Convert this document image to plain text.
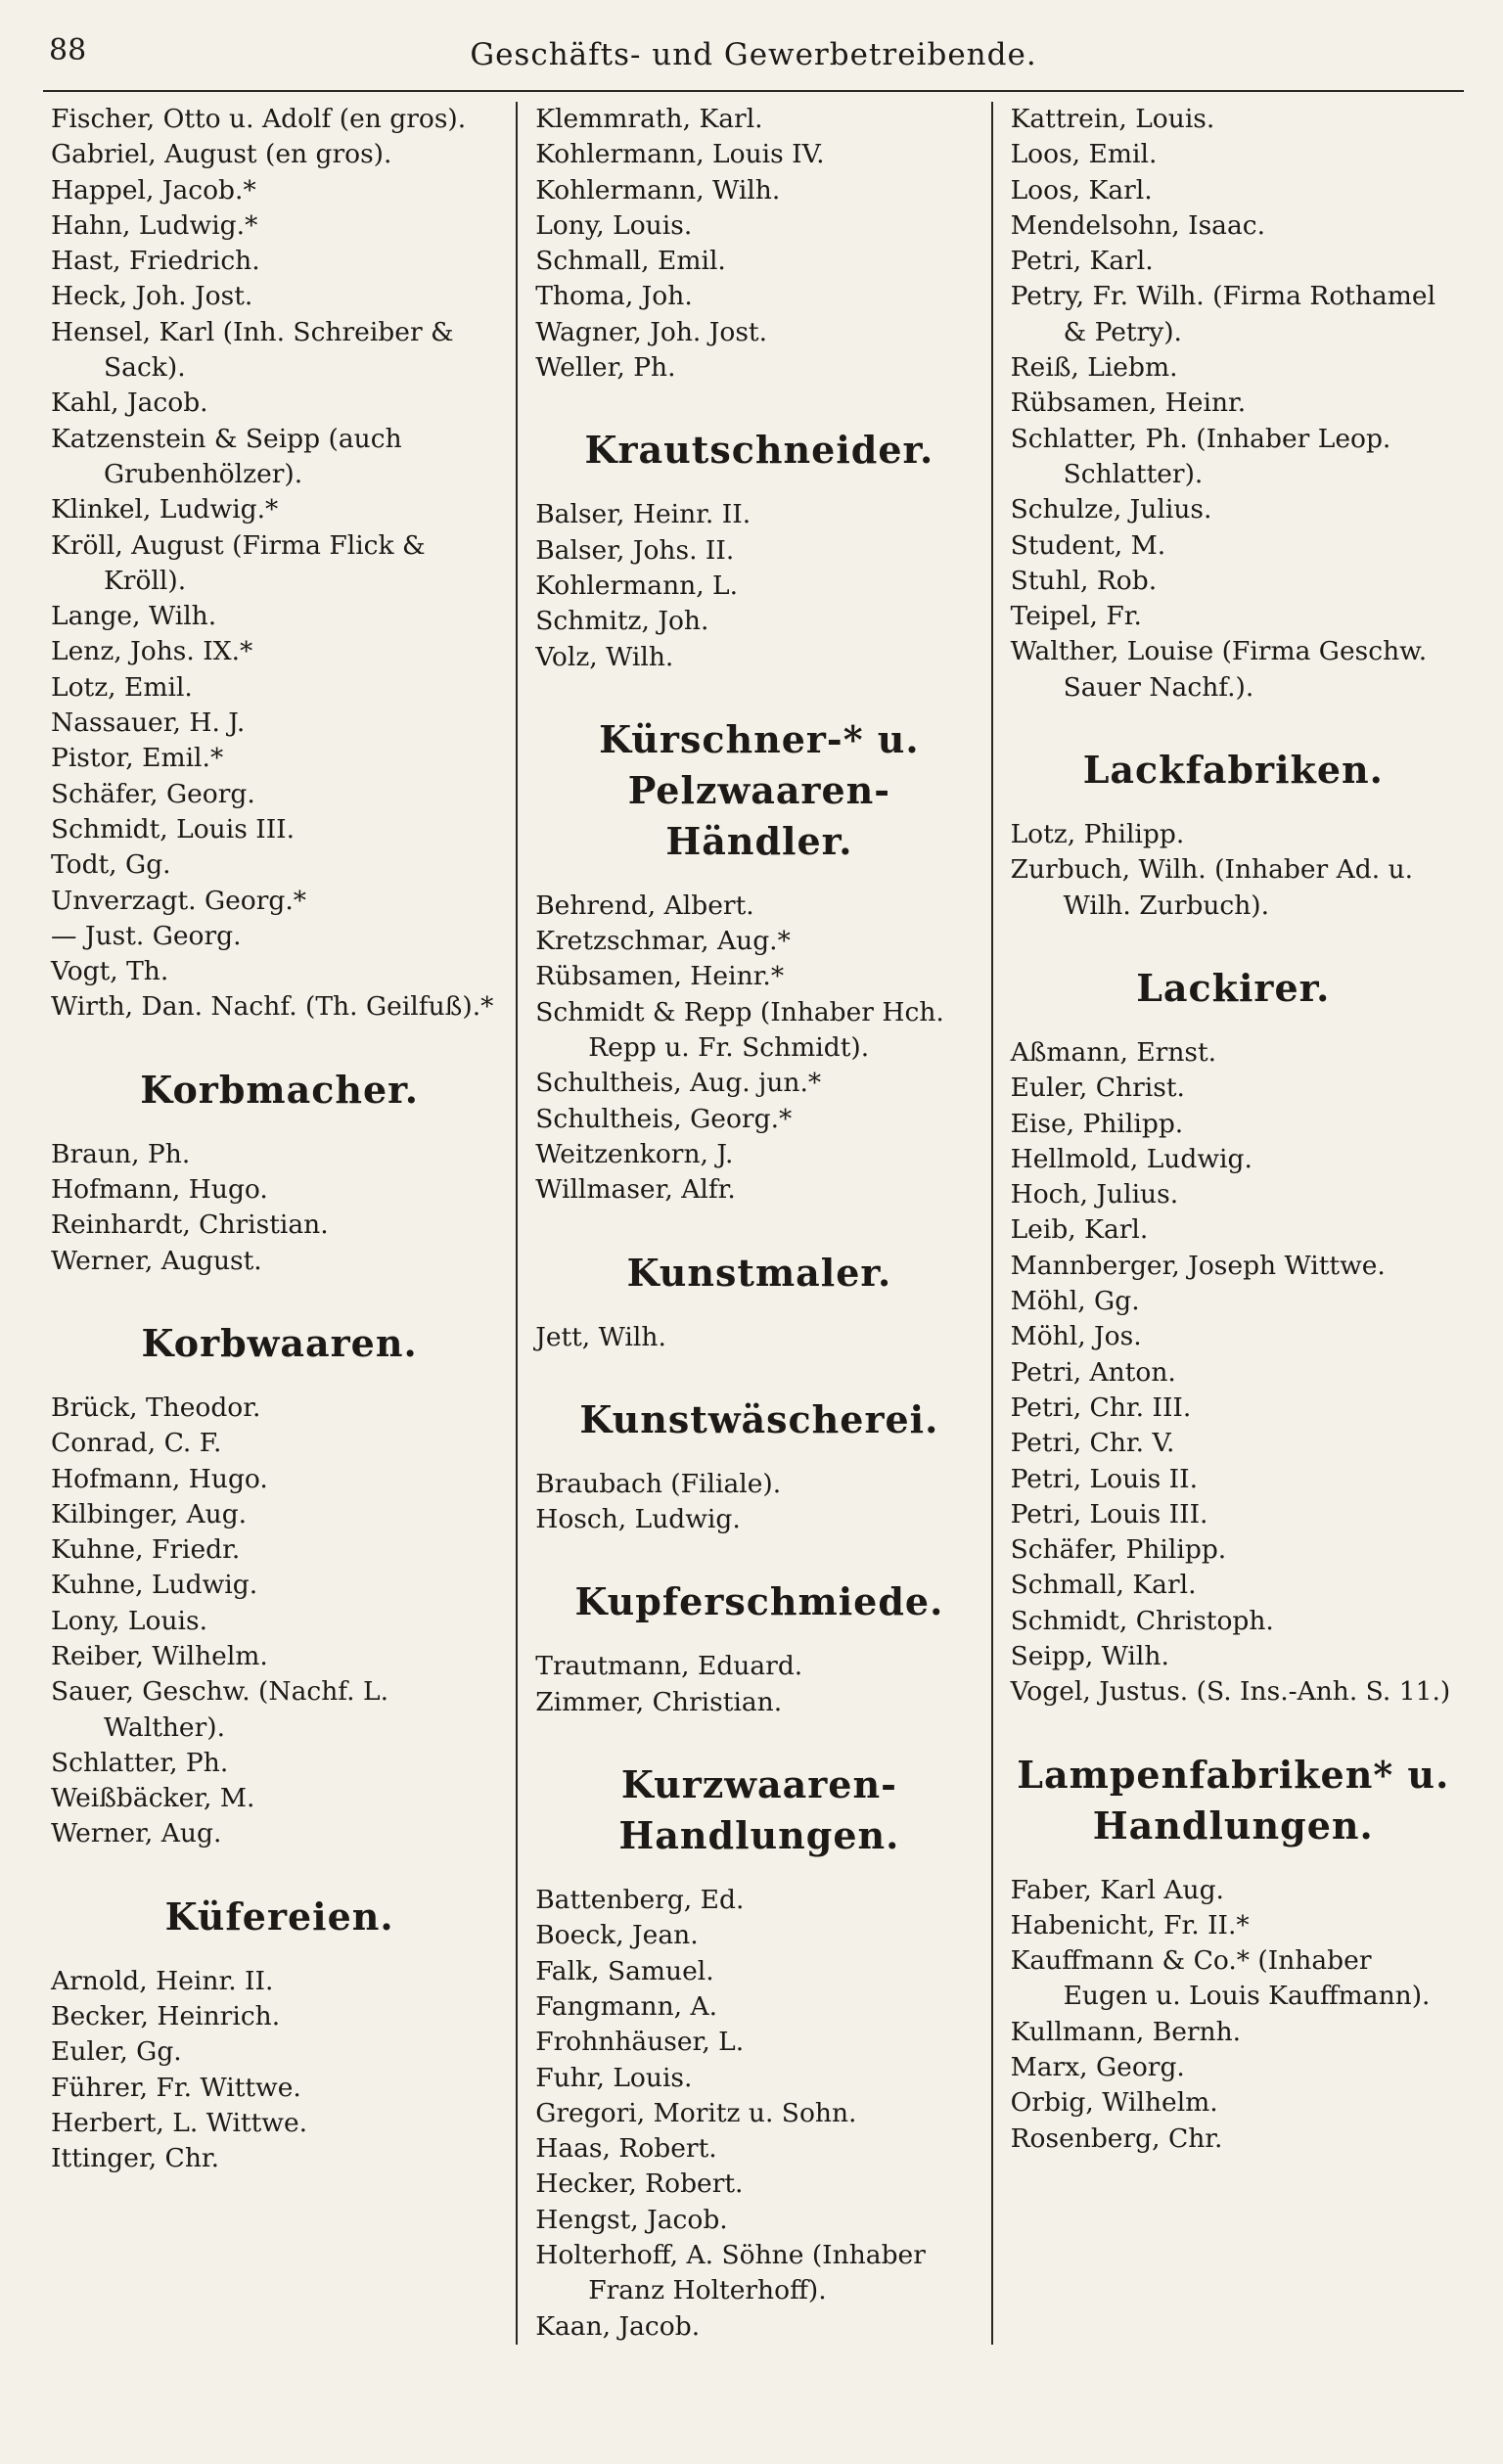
88	Geschäfts- und Gewerbetreibende.
Fischer, Otto u. Adolf (en gros).
Gabriel, August (en gros).
Happel, Jacob.*
Hahn, Ludwig.*
Hast, Friedrich.
Heck, Joh. Jost.
Hensel, Karl (Inh. Schreiber & Sack).
Kahl, Jacob.
Katzenstein & Seipp (auch Grubenhölzer).
Klinkel, Ludwig.*
Kröll, August (Firma Flick & Kröll).
Lange, Wilh.
Lenz, Johs. IX.*
Lotz, Emil.
Nassauer, H. J.
Pistor, Emil.*
Schäfer, Georg.
Schmidt, Louis III.
Todt, Gg.
Unverzagt. Georg.*
— Just. Georg.
Vogt, Th.
Wirth, Dan. Nachf. (Th. Geilfuß).*
Korbmacher.
Braun, Ph.
Hofmann, Hugo.
Reinhardt, Christian.
Werner, August.
Korbwaaren.
Brück, Theodor.
Conrad, C. F.
Hofmann, Hugo.
Kilbinger, Aug.
Kuhne, Friedr.
Kuhne, Ludwig.
Lony, Louis.
Reiber, Wilhelm.
Sauer, Geschw. (Nachf. L. Walther).
Schlatter, Ph.
Weißbäcker, M.
Werner, Aug.
Küfereien.
Arnold, Heinr. II.
Becker, Heinrich.
Euler, Gg.
Führer, Fr. Wittwe.
Herbert, L. Wittwe.
Ittinger, Chr.
Klemmrath, Karl.
Kohlermann, Louis IV.
Kohlermann, Wilh.
Lony, Louis.
Schmall, Emil.
Thoma, Joh.
Wagner, Joh. Jost.
Weller, Ph.
Krautschneider.
Balser, Heinr. II.
Balser, Johs. II.
Kohlermann, L.
Schmitz, Joh.
Volz, Wilh.
Kürschner-* u. Pelzwaaren-Händler.
Behrend, Albert.
Kretzschmar, Aug.*
Rübsamen, Heinr.*
Schmidt & Repp (Inhaber Hch. Repp u. Fr. Schmidt).
Schultheis, Aug. jun.*
Schultheis, Georg.*
Weitzenkorn, J.
Willmaser, Alfr.
Kunstmaler.
Jett, Wilh.
Kunstwäscherei.
Braubach (Filiale).
Hosch, Ludwig.
Kupferschmiede.
Trautmann, Eduard.
Zimmer, Christian.
Kurzwaaren-Handlungen.
Battenberg, Ed.
Boeck, Jean.
Falk, Samuel.
Fangmann, A.
Frohnhäuser, L.
Fuhr, Louis.
Gregori, Moritz u. Sohn.
Haas, Robert.
Hecker, Robert.
Hengst, Jacob.
Holterhoff, A. Söhne (Inhaber Franz Holterhoff).
Kaan, Jacob.
Kattrein, Louis.
Loos, Emil.
Loos, Karl.
Mendelsohn, Isaac.
Petri, Karl.
Petry, Fr. Wilh. (Firma Rothamel & Petry).
Reiß, Liebm.
Rübsamen, Heinr.
Schlatter, Ph. (Inhaber Leop. Schlatter).
Schulze, Julius.
Student, M.
Stuhl, Rob.
Teipel, Fr.
Walther, Louise (Firma Geschw. Sauer Nachf.).
Lackfabriken.
Lotz, Philipp.
Zurbuch, Wilh. (Inhaber Ad. u. Wilh. Zurbuch).
Lackirer.
Aßmann, Ernst.
Euler, Christ.
Eise, Philipp.
Hellmold, Ludwig.
Hoch, Julius.
Leib, Karl.
Mannberger, Joseph Wittwe.
Möhl, Gg.
Möhl, Jos.
Petri, Anton.
Petri, Chr. III.
Petri, Chr. V.
Petri, Louis II.
Petri, Louis III.
Schäfer, Philipp.
Schmall, Karl.
Schmidt, Christoph.
Seipp, Wilh.
Vogel, Justus. (S. Ins.-Anh. S. 11.)
Lampenfabriken* u. Handlungen.
Faber, Karl Aug.
Habenicht, Fr. II.*
Kauffmann & Co.* (Inhaber Eugen u. Louis Kauffmann).
Kullmann, Bernh.
Marx, Georg.
Orbig, Wilhelm.
Rosenberg, Chr.
